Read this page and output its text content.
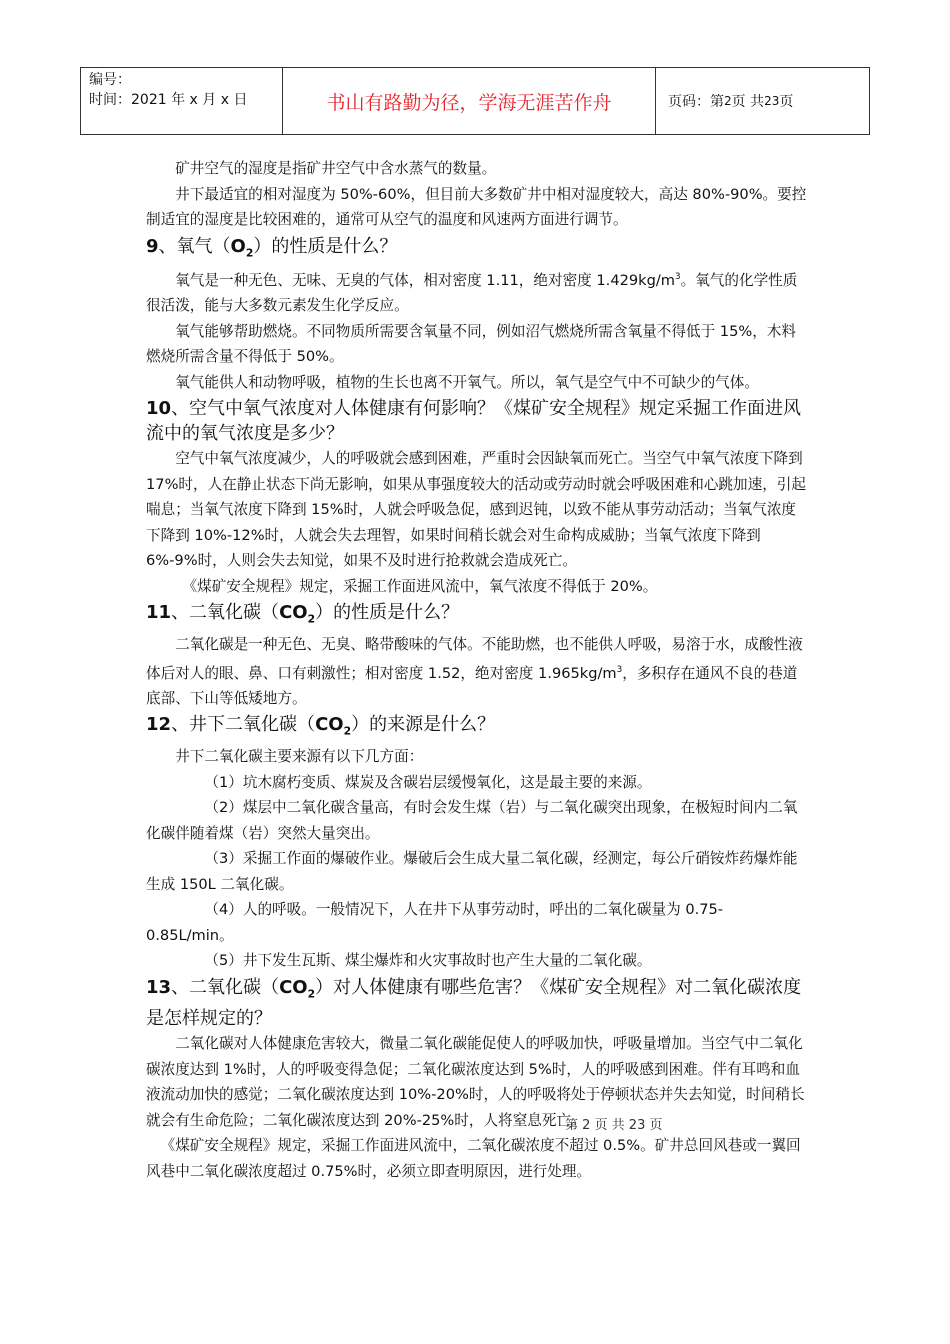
编号：
时间：2021 年 x 月 x 日	书山有路勤为径，学海无涯苦作舟	页码：第 2 页 共 23 页

矿井空气的湿度是指矿井空气中含水蒸气的数量。

井下最适宜的相对湿度为 50%-60%，但目前大多数矿井中相对湿度较大，高达 80%-90%。要控制适宜的湿度是比较困难的，通常可从空气的温度和风速两方面进行调节。

9、氧气$(O_2)$的性质是什么？

氧气是一种无色、无味、无臭的气体，相对密度 1.11，绝对密度 $1.429kg/m^3$。氧气的化学性质很活泼，能与大多数元素发生化学反应。

氧气能够帮助燃烧。不同物质所需要含氧量不同，例如沼气燃烧所需含氧量不得低于 15%，木料燃烧所需含量不得低于 50%。

氧气能供人和动物呼吸，植物的生长也离不开氧气。所以，氧气是空气中不可缺少的气体。

10、空气中氧气浓度对人体健康有何影响？《煤矿安全规程》规定采掘工作面进风流中的氧气浓度是多少？

空气中氧气浓度减少，人的呼吸就会感到困难，严重时会因缺氧而死亡。当空气中氧气浓度下降到 17%时，人在静止状态下尚无影响，如果从事强度较大的活动或劳动时就会呼吸困难和心跳加速，引起喘息；当氧气浓度下降到 15%时，人就会呼吸急促，感到迟钝，以致不能从事劳动活动；当氧气浓度下降到 10%-12%时，人就会失去理智，如果时间稍长就会对生命构成威胁；当氧气浓度下降到 6%-9%时，人则会失去知觉，如果不及时进行抢救就会造成死亡。

《煤矿安全规程》规定，采掘工作面进风流中，氧气浓度不得低于 20%。

11、二氧化碳$(CO_2)$的性质是什么？

二氧化碳是一种无色、无臭、略带酸味的气体。不能助燃，也不能供人呼吸，易溶于水，成酸性液体后对人的眼、鼻、口有刺激性；相对密度 1.52，绝对密度 $1.965kg/m^3$，多积存在通风不良的巷道底部、下山等低矮地方。

12、井下二氧化碳$(CO_2)$的来源是什么？

井下二氧化碳主要来源有以下几方面：

（1）坑木腐朽变质、煤炭及含碳岩层缓慢氧化，这是最主要的来源。

（2）煤层中二氧化碳含量高，有时会发生煤（岩）与二氧化碳突出现象，在极短时间内二氧化碳伴随着煤（岩）突然大量突出。

（3）采掘工作面的爆破作业。爆破后会生成大量二氧化碳，经测定，每公斤硝铵炸药爆炸能生成 150L 二氧化碳。

（4）人的呼吸。一般情况下，人在井下从事劳动时，呼出的二氧化碳量为 0.75-0.85L/min。

（5）井下发生瓦斯、煤尘爆炸和火灾事故时也产生大量的二氧化碳。

13、二氧化碳$(CO_2)$对人体健康有哪些危害？《煤矿安全规程》对二氧化碳浓度是怎样规定的？

二氧化碳对人体健康危害较大，微量二氧化碳能促使人的呼吸加快，呼吸量增加。当空气中二氧化碳浓度达到 1%时，人的呼吸变得急促；二氧化碳浓度达到 5%时，人的呼吸感到困难。伴有耳鸣和血液流动加快的感觉；二氧化碳浓度达到 10%-20%时，人的呼吸将处于停顿状态并失去知觉，时间稍长就会有生命危险；二氧化碳浓度达到 20%-25%时，人将窒息死亡。

《煤矿安全规程》规定，采掘工作面进风流中，二氧化碳浓度不超过 0.5%。矿井总回风巷或一翼回风巷中二氧化碳浓度超过 0.75%时，必须立即查明原因，进行处理。

第 2 页 共 23 页
